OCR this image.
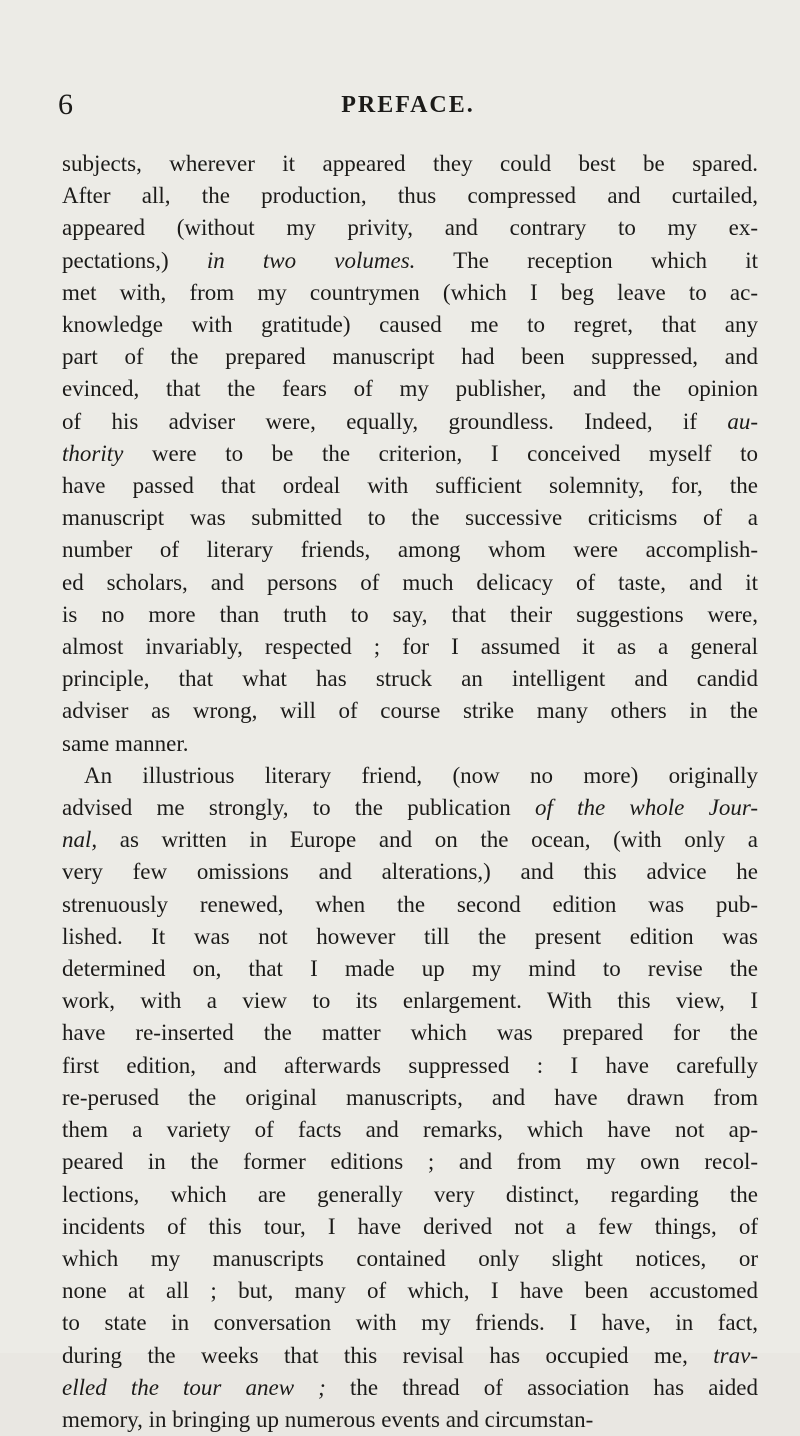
6	PREFACE.
subjects, wherever it appeared they could best be spared.
After all, the production, thus compressed and curtailed,
appeared (without my privity, and contrary to my ex-
pectations,) in two volumes. The reception which it
met with, from my countrymen (which I beg leave to ac-
knowledge with gratitude) caused me to regret, that any
part of the prepared manuscript had been suppressed, and
evinced, that the fears of my publisher, and the opinion
of his adviser were, equally, groundless. Indeed, if au-
thority were to be the criterion, I conceived myself to
have passed that ordeal with sufficient solemnity, for, the
manuscript was submitted to the successive criticisms of a
number of literary friends, among whom were accomplish-
ed scholars, and persons of much delicacy of taste, and it
is no more than truth to say, that their suggestions were,
almost invariably, respected ; for I assumed it as a general
principle, that what has struck an intelligent and candid
adviser as wrong, will of course strike many others in the
same manner.
An illustrious literary friend, (now no more) originally
advised me strongly, to the publication of the whole Jour-
nal, as written in Europe and on the ocean, (with only a
very few omissions and alterations,) and this advice he
strenuously renewed, when the second edition was pub-
lished. It was not however till the present edition was
determined on, that I made up my mind to revise the
work, with a view to its enlargement. With this view, I
have re-inserted the matter which was prepared for the
first edition, and afterwards suppressed : I have carefully
re-perused the original manuscripts, and have drawn from
them a variety of facts and remarks, which have not ap-
peared in the former editions ; and from my own recol-
lections, which are generally very distinct, regarding the
incidents of this tour, I have derived not a few things, of
which my manuscripts contained only slight notices, or
none at all ; but, many of which, I have been accustomed
to state in conversation with my friends. I have, in fact,
during the weeks that this revisal has occupied me, trav-
elled the tour anew ; the thread of association has aided
memory, in bringing up numerous events and circumstan-
